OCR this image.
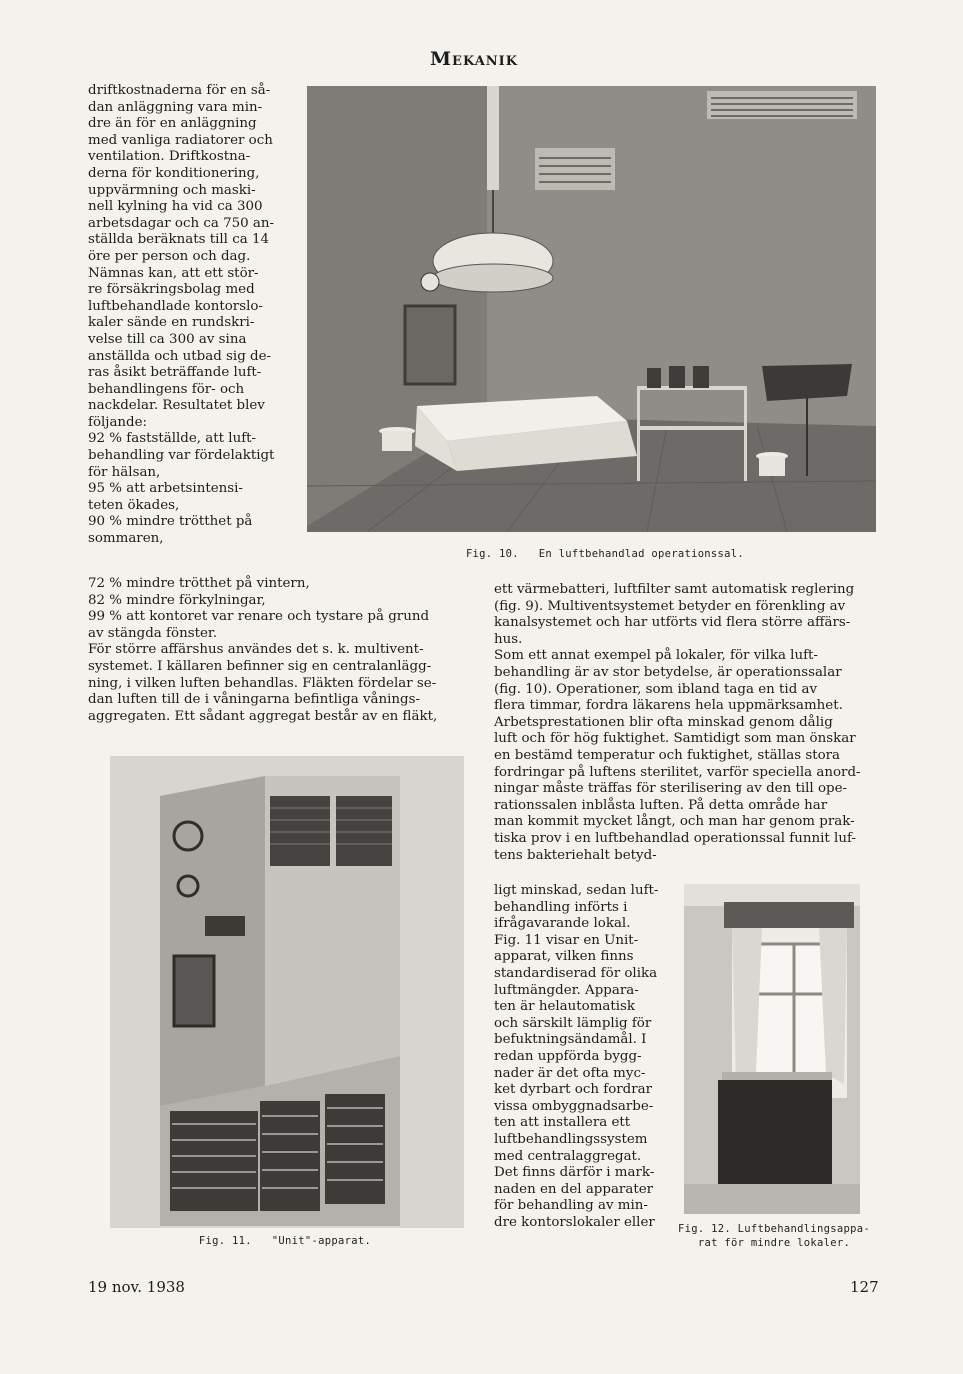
Mekanik
driftkostnaderna för en så-
dan anläggning vara min-
dre än för en anläggning
med vanliga radiatorer och
ventilation. Driftkostna-
derna för konditionering,
uppvärmning och maski-
nell kylning ha vid ca 300
arbetsdagar och ca 750 an-
ställda beräknats till ca 14
öre per person och dag.
Nämnas kan, att ett stör-
re försäkringsbolag med
luftbehandlade kontorslo-
kaler sände en rundskri-
velse till ca 300 av sina
anställda och utbad sig de-
ras åsikt beträffande luft-
behandlingens för- och
nackdelar. Resultatet blev
följande:
92 % fastställde, att luft-
behandling var fördelaktigt
för hälsan,
95 % att arbetsintensi-
teten ökades,
90 % mindre trötthet på
sommaren,
Fig. 10.   En luftbehandlad operationssal.
72 % mindre trötthet på vintern,
82 % mindre förkylningar,
99 % att kontoret var renare och tystare på grund
av stängda fönster.
För större affärshus användes det s. k. multivent-
systemet. I källaren befinner sig en centralanlägg-
ning, i vilken luften behandlas. Fläkten fördelar se-
dan luften till de i våningarna befintliga vånings-
aggregaten. Ett sådant aggregat består av en fläkt,
ett värmebatteri, luftfilter samt automatisk reglering
(fig. 9). Multiventsystemet betyder en förenkling av
kanalsystemet och har utförts vid flera större affärs-
hus.
Som ett annat exempel på lokaler, för vilka luft-
behandling är av stor betydelse, är operationssalar
(fig. 10). Operationer, som ibland taga en tid av
flera timmar, fordra läkarens hela uppmärksamhet.
Arbetsprestationen blir ofta minskad genom dålig
luft och för hög fuktighet. Samtidigt som man önskar
en bestämd temperatur och fuktighet, ställas stora
fordringar på luftens sterilitet, varför speciella anord-
ningar måste träffas för sterilisering av den till ope-
rationssalen inblåsta luften. På detta område har
man kommit mycket långt, och man har genom prak-
tiska prov i en luftbehandlad operationssal funnit luf-
tens bakteriehalt betyd-
ligt minskad, sedan luft-
behandling införts i
ifrågavarande lokal.
Fig. 11 visar en Unit-
apparat, vilken finns
standardiserad för olika
luftmängder. Appara-
ten är helautomatisk
och särskilt lämplig för
befuktningsändamål. I
redan uppförda bygg-
nader är det ofta myc-
ket dyrbart och fordrar
vissa ombyggnadsarbe-
ten att installera ett
luftbehandlingssystem
med centralaggregat.
Det finns därför i mark-
naden en del apparater
för behandling av min-
dre kontorslokaler eller
Fig. 11.   "Unit"-apparat.
Fig. 12. Luftbehandlingsappa-
rat för mindre lokaler.
19 nov. 1938	127
